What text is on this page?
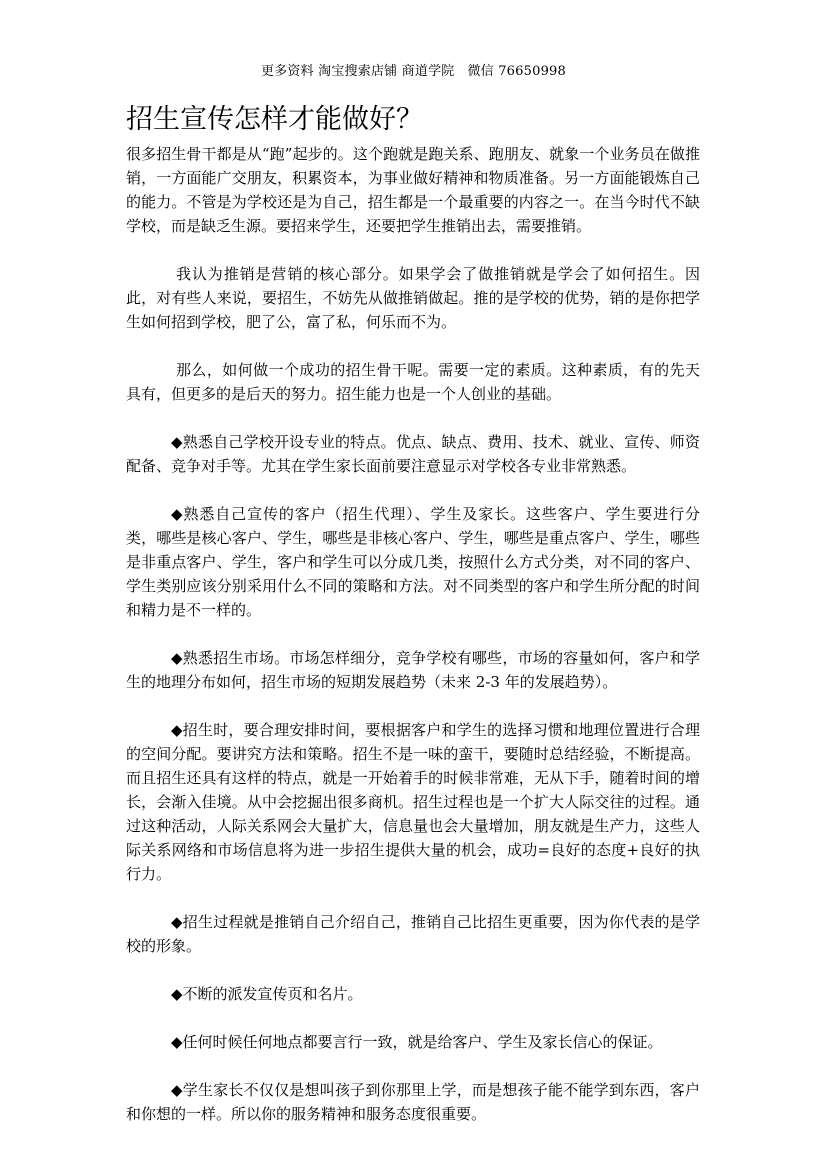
更多资料 淘宝搜索店铺 商道学院   微信 76650998
招生宣传怎样才能做好？

很多招生骨干都是从“跑”起步的。这个跑就是跑关系、跑朋友、就象一个业务员在做推销，一方面能广交朋友，积累资本，为事业做好精神和物质准备。另一方面能锻炼自己的能力。不管是为学校还是为自己，招生都是一个最重要的内容之一。在当今时代不缺学校，而是缺乏生源。要招来学生，还要把学生推销出去，需要推销。

我认为推销是营销的核心部分。如果学会了做推销就是学会了如何招生。因此，对有些人来说，要招生，不妨先从做推销做起。推的是学校的优势，销的是你把学生如何招到学校，肥了公，富了私，何乐而不为。

那么，如何做一个成功的招生骨干呢。需要一定的素质。这种素质，有的先天具有，但更多的是后天的努力。招生能力也是一个人创业的基础。

◆熟悉自己学校开设专业的特点。优点、缺点、费用、技术、就业、宣传、师资配备、竞争对手等。尤其在学生家长面前要注意显示对学校各专业非常熟悉。

◆熟悉自己宣传的客户（招生代理）、学生及家长。这些客户、学生要进行分类，哪些是核心客户、学生，哪些是非核心客户、学生，哪些是重点客户、学生，哪些是非重点客户、学生，客户和学生可以分成几类，按照什么方式分类，对不同的客户、学生类别应该分别采用什么不同的策略和方法。对不同类型的客户和学生所分配的时间和精力是不一样的。

◆熟悉招生市场。市场怎样细分，竞争学校有哪些，市场的容量如何，客户和学生的地理分布如何，招生市场的短期发展趋势（未来 2-3 年的发展趋势）。

◆招生时，要合理安排时间，要根据客户和学生的选择习惯和地理位置进行合理的空间分配。要讲究方法和策略。招生不是一味的蛮干，要随时总结经验，不断提高。而且招生还具有这样的特点，就是一开始着手的时候非常难，无从下手，随着时间的增长，会渐入佳境。从中会挖掘出很多商机。招生过程也是一个扩大人际交往的过程。通过这种活动，人际关系网会大量扩大，信息量也会大量增加，朋友就是生产力，这些人际关系网络和市场信息将为进一步招生提供大量的机会，成功=良好的态度+良好的执行力。

◆招生过程就是推销自己介绍自己，推销自己比招生更重要，因为你代表的是学校的形象。

◆不断的派发宣传页和名片。

◆任何时候任何地点都要言行一致，就是给客户、学生及家长信心的保证。

◆学生家长不仅仅是想叫孩子到你那里上学，而是想孩子能不能学到东西，客户和你想的一样。所以你的服务精神和服务态度很重要。
